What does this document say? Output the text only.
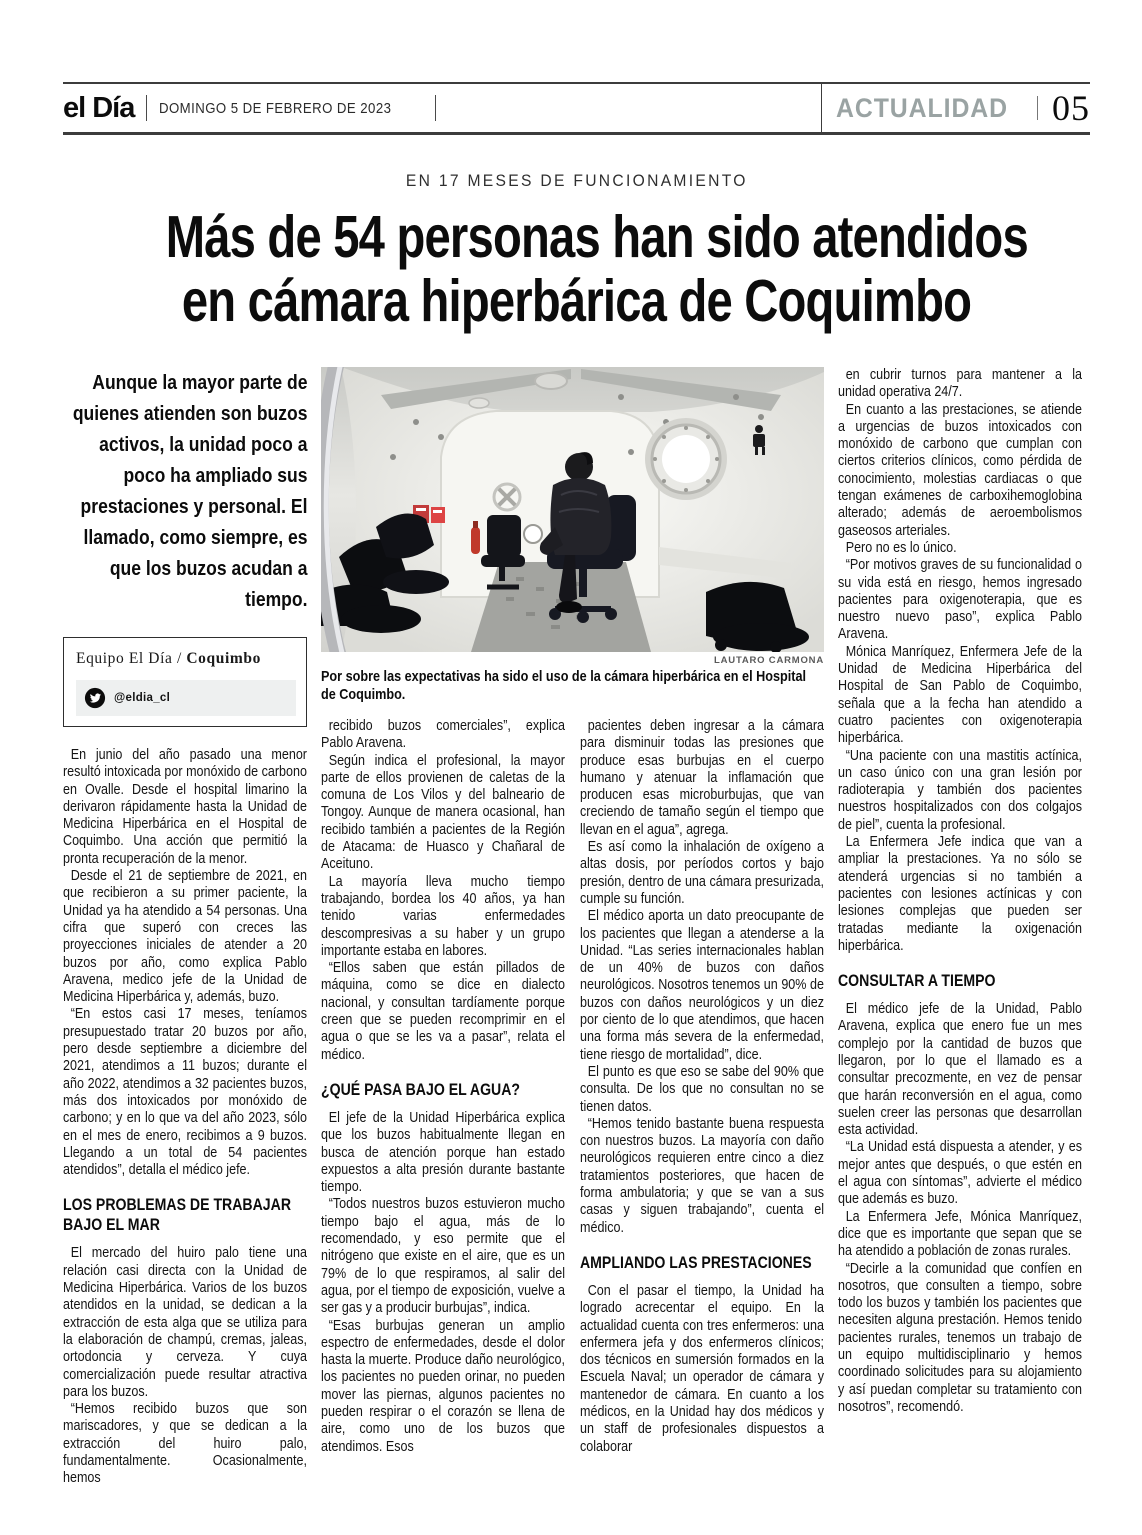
el Día DOMINGO 5 DE FEBRERO DE 2023	ACTUALIDAD 05
EN 17 MESES DE FUNCIONAMIENTO
Más de 54 personas han sido atendidos
en cámara hiperbárica de Coquimbo
Aunque la mayor parte de quienes atienden son buzos activos, la unidad poco a poco ha ampliado sus prestaciones y personal. El llamado, como siempre, es que los buzos acudan a tiempo.
Equipo El Día / Coquimbo
@eldia_cl

En junio del año pasado una menor resultó intoxicada por monóxido de carbono en Ovalle. Desde el hospital limarino la derivaron rápidamente hasta la Unidad de Medicina Hiperbárica en el Hospital de Coquimbo. Una acción que permitió la pronta recuperación de la menor.

Desde el 21 de septiembre de 2021, en que recibieron a su primer paciente, la Unidad ya ha atendido a 54 personas. Una cifra que superó con creces las proyecciones iniciales de atender a 20 buzos por año, como explica Pablo Aravena, medico jefe de la Unidad de Medicina Hiperbárica y, además, buzo.

“En estos casi 17 meses, teníamos presupuestado tratar 20 buzos por año, pero desde septiembre a diciembre del 2021, atendimos a 11 buzos; durante el año 2022, atendimos a 32 pacientes buzos, más dos intoxicados por monóxido de carbono; y en lo que va del año 2023, sólo en el mes de enero, recibimos a 9 buzos. Llegando a un total de 54 pacientes atendidos”, detalla el médico jefe.

LOS PROBLEMAS DE TRABAJAR BAJO EL MAR

El mercado del huiro palo tiene una relación casi directa con la Unidad de Medicina Hiperbárica. Varios de los buzos atendidos en la unidad, se dedican a la extracción de esta alga que se utiliza para la elaboración de champú, cremas, jaleas, ortodoncia y cerveza. Y cuya comercialización puede resultar atractiva para los buzos.

“Hemos recibido buzos que son mariscadores, y que se dedican a la extracción del huiro palo, fundamentalmente. Ocasionalmente, hemos

LAUTARO CARMONA
Por sobre las expectativas ha sido el uso de la cámara hiperbárica en el Hospital de Coquimbo.

recibido buzos comerciales”, explica Pablo Aravena.

Según indica el profesional, la mayor parte de ellos provienen de caletas de la comuna de Los Vilos y del balneario de Tongoy. Aunque de manera ocasional, han recibido también a pacientes de la Región de Atacama: de Huasco y Chañaral de Aceituno.

La mayoría lleva mucho tiempo trabajando, bordea los 40 años, ya han tenido varias enfermedades descompresivas a su haber y un grupo importante estaba en labores.

“Ellos saben que están pillados de máquina, como se dice en dialecto nacional, y consultan tardíamente porque creen que se pueden recomprimir en el agua o que se les va a pasar”, relata el médico.

¿QUÉ PASA BAJO EL AGUA?

El jefe de la Unidad Hiperbárica explica que los buzos habitualmente llegan en busca de atención porque han estado expuestos a alta presión durante bastante tiempo.

“Todos nuestros buzos estuvieron mucho tiempo bajo el agua, más de lo recomendado, y eso permite que el nitrógeno que existe en el aire, que es un 79% de lo que respiramos, al salir del agua, por el tiempo de exposición, vuelve a ser gas y a producir burbujas”, indica.

“Esas burbujas generan un amplio espectro de enfermedades, desde el dolor hasta la muerte. Produce daño neurológico, los pacientes no pueden orinar, no pueden mover las piernas, algunos pacientes no pueden respirar o el corazón se llena de aire, como uno de los buzos que atendimos. Esos

pacientes deben ingresar a la cámara para disminuir todas las presiones que produce esas burbujas en el cuerpo humano y atenuar la inflamación que producen esas microburbujas, que van creciendo de tamaño según el tiempo que llevan en el agua”, agrega.

Es así como la inhalación de oxígeno a altas dosis, por períodos cortos y bajo presión, dentro de una cámara presurizada, cumple su función.

El médico aporta un dato preocupante de los pacientes que llegan a atenderse a la Unidad. “Las series internacionales hablan de un 40% de buzos con daños neurológicos. Nosotros tenemos un 90% de buzos con daños neurológicos y un diez por ciento de lo que atendimos, que hacen una forma más severa de la enfermedad, tiene riesgo de mortalidad”, dice.

El punto es que eso se sabe del 90% que consulta. De los que no consultan no se tienen datos.

“Hemos tenido bastante buena respuesta con nuestros buzos. La mayoría con daño neurológicos requieren entre cinco a diez tratamientos posteriores, que hacen de forma ambulatoria; y que se van a sus casas y siguen trabajando”, cuenta el médico.

AMPLIANDO LAS PRESTACIONES

Con el pasar el tiempo, la Unidad ha logrado acrecentar el equipo. En la actualidad cuenta con tres enfermeros: una enfermera jefa y dos enfermeros clínicos; dos técnicos en sumersión formados en la Escuela Naval; un operador de cámara y mantenedor de cámara. En cuanto a los médicos, en la Unidad hay dos médicos y un staff de profesionales dispuestos a colaborar

en cubrir turnos para mantener a la unidad operativa 24/7.

En cuanto a las prestaciones, se atiende a urgencias de buzos intoxicados con monóxido de carbono que cumplan con ciertos criterios clínicos, como pérdida de conocimiento, molestias cardiacas o que tengan exámenes de carboxihemoglobina alterado; además de aeroembolismos gaseosos arteriales.

Pero no es lo único.

“Por motivos graves de su funcionalidad o su vida está en riesgo, hemos ingresado pacientes para oxigenoterapia, que es nuestro nuevo paso”, explica Pablo Aravena.

Mónica Manríquez, Enfermera Jefe de la Unidad de Medicina Hiperbárica del Hospital de San Pablo de Coquimbo, señala que a la fecha han atendido a cuatro pacientes con oxigenoterapia hiperbárica.

“Una paciente con una mastitis actínica, un caso único con una gran lesión por radioterapia y también dos pacientes nuestros hospitalizados con dos colgajos de piel”, cuenta la profesional.

La Enfermera Jefe indica que van a ampliar la prestaciones. Ya no sólo se atenderá urgencias si no también a pacientes con lesiones actínicas y con lesiones complejas que pueden ser tratadas mediante la oxigenación hiperbárica.

CONSULTAR A TIEMPO

El médico jefe de la Unidad, Pablo Aravena, explica que enero fue un mes complejo por la cantidad de buzos que llegaron, por lo que el llamado es a consultar precozmente, en vez de pensar que harán reconversión en el agua, como suelen creer las personas que desarrollan esta actividad.

“La Unidad está dispuesta a atender, y es mejor antes que después, o que estén en el agua con síntomas”, advierte el médico que además es buzo.

La Enfermera Jefe, Mónica Manríquez, dice que es importante que sepan que se ha atendido a población de zonas rurales.

“Decirle a la comunidad que confíen en nosotros, que consulten a tiempo, sobre todo los buzos y también los pacientes que necesiten alguna prestación. Hemos tenido pacientes rurales, tenemos un trabajo de un equipo multidisciplinario y hemos coordinado solicitudes para su alojamiento y así puedan completar su tratamiento con nosotros”, recomendó.
